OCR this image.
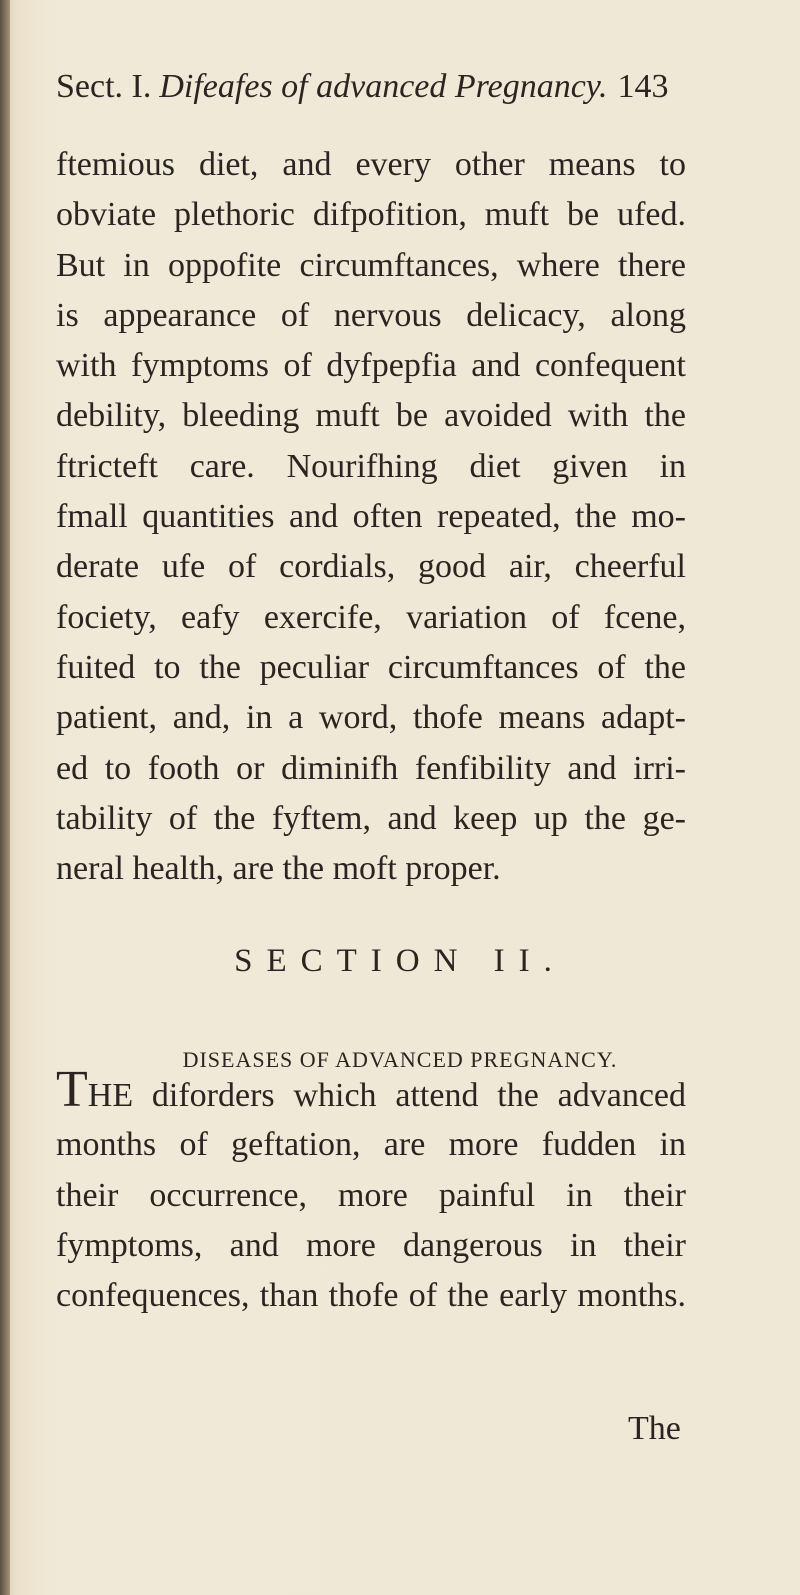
Sect. I. Difeafes of advanced Pregnancy. 143
ftemious diet, and every other means to
obviate plethoric difpofition, muft be ufed.
But in oppofite circumftances, where there
is appearance of nervous delicacy, along
with fymptoms of dyfpepfia and confequent
debility, bleeding muft be avoided with the
ftricteft care. Nourifhing diet given in
fmall quantities and often repeated, the mo-
derate ufe of cordials, good air, cheerful
fociety, eafy exercife, variation of fcene,
fuited to the peculiar circumftances of the
patient, and, in a word, thofe means adapt-
ed to footh or diminifh fenfibility and irri-
tability of the fyftem, and keep up the ge-
neral health, are the moft proper.
SECTION II.
DISEASES OF ADVANCED PREGNANCY.
THE diforders which attend the advanced
months of geftation, are more fudden in
their occurrence, more painful in their
fymptoms, and more dangerous in their
confequences, than thofe of the early months.
The
